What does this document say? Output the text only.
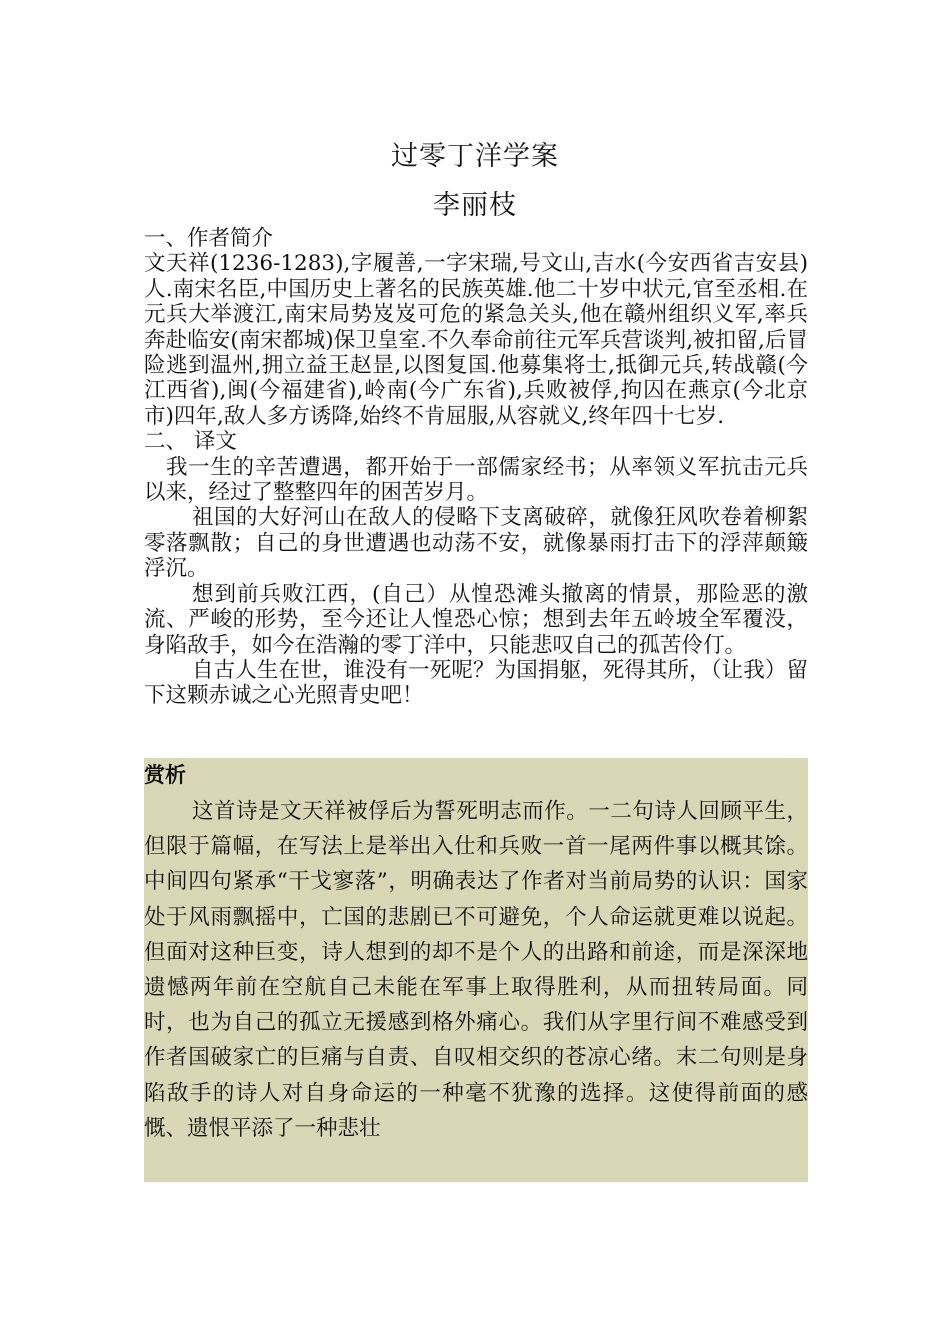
过零丁洋学案
李丽枝
一、作者简介
文天祥(1236-1283),字履善,一字宋瑞,号文山,吉水(今安西省吉安县)人.南宋名臣,中国历史上著名的民族英雄.他二十岁中状元,官至丞相.在元兵大举渡江,南宋局势岌岌可危的紧急关头,他在赣州组织义军,率兵奔赴临安(南宋都城)保卫皇室.不久奉命前往元军兵营谈判,被扣留,后冒险逃到温州,拥立益王赵昰,以图复国.他募集将士,抵御元兵,转战赣(今江西省),闽(今福建省),岭南(今广东省),兵败被俘,拘囚在燕京(今北京市)四年,敌人多方诱降,始终不肯屈服,从容就义,终年四十七岁.
二、 译文
我一生的辛苦遭遇，都开始于一部儒家经书；从率领义军抗击元兵以来，经过了整整四年的困苦岁月。
祖国的大好河山在敌人的侵略下支离破碎，就像狂风吹卷着柳絮零落飘散；自己的身世遭遇也动荡不安，就像暴雨打击下的浮萍颠簸浮沉。
想到前兵败江西，(自己）从惶恐滩头撤离的情景，那险恶的激流、严峻的形势，至今还让人惶恐心惊；想到去年五岭坡全军覆没，身陷敌手，如今在浩瀚的零丁洋中，只能悲叹自己的孤苦伶仃。
自古人生在世，谁没有一死呢？为国捐躯，死得其所，（让我）留下这颗赤诚之心光照青史吧！
赏析
这首诗是文天祥被俘后为誓死明志而作。一二句诗人回顾平生，但限于篇幅，在写法上是举出入仕和兵败一首一尾两件事以概其馀。中间四句紧承“干戈寥落”，明确表达了作者对当前局势的认识：国家处于风雨飘摇中，亡国的悲剧已不可避免，个人命运就更难以说起。但面对这种巨变，诗人想到的却不是个人的出路和前途，而是深深地遗憾两年前在空航自己未能在军事上取得胜利，从而扭转局面。同时，也为自己的孤立无援感到格外痛心。我们从字里行间不难感受到作者国破家亡的巨痛与自责、自叹相交织的苍凉心绪。末二句则是身陷敌手的诗人对自身命运的一种毫不犹豫的选择。这使得前面的感慨、遗恨平添了一种悲壮
